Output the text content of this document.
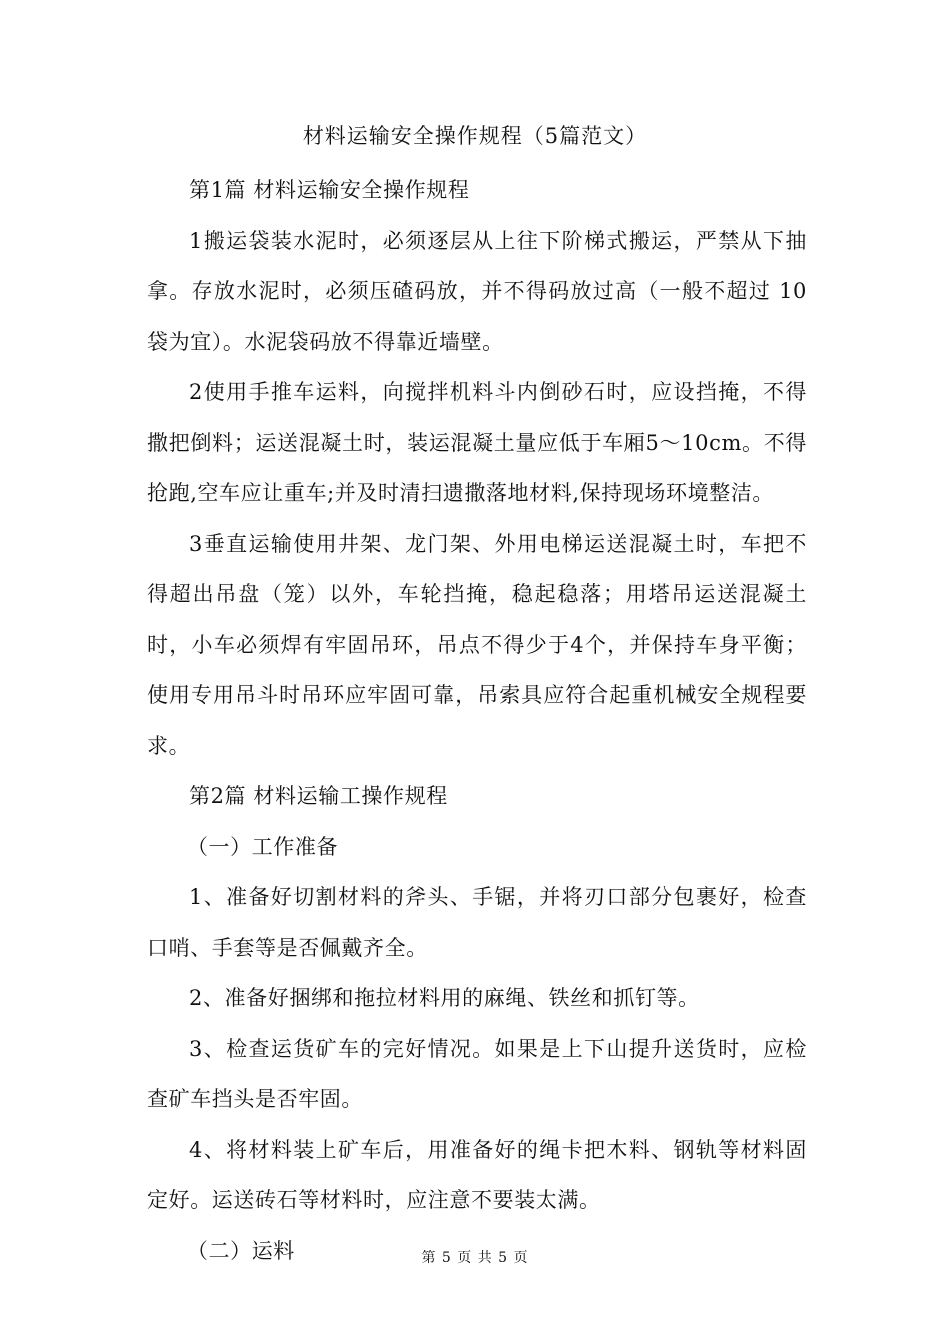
材料运输安全操作规程（5篇范文）

第1篇 材料运输安全操作规程

1搬运袋装水泥时，必须逐层从上往下阶梯式搬运，严禁从下抽拿。存放水泥时，必须压碴码放，并不得码放过高（一般不超过 10袋为宜）。水泥袋码放不得靠近墙壁。

2使用手推车运料，向搅拌机料斗内倒砂石时，应设挡掩，不得撒把倒料；运送混凝土时，装运混凝土量应低于车厢5～10cm。不得抢跑,空车应让重车;并及时清扫遗撒落地材料,保持现场环境整洁。

3垂直运输使用井架、龙门架、外用电梯运送混凝土时，车把不得超出吊盘（笼）以外，车轮挡掩，稳起稳落；用塔吊运送混凝土时，小车必须焊有牢固吊环，吊点不得少于4个，并保持车身平衡；使用专用吊斗时吊环应牢固可靠，吊索具应符合起重机械安全规程要求。

第2篇 材料运输工操作规程

（一）工作准备

1、准备好切割材料的斧头、手锯，并将刃口部分包裹好，检查口哨、手套等是否佩戴齐全。

2、准备好捆绑和拖拉材料用的麻绳、铁丝和抓钉等。

3、检查运货矿车的完好情况。如果是上下山提升送货时，应检查矿车挡头是否牢固。

4、将材料装上矿车后，用准备好的绳卡把木料、钢轨等材料固定好。运送砖石等材料时，应注意不要装太满。

（二）运料	第 5 页 共 5 页
